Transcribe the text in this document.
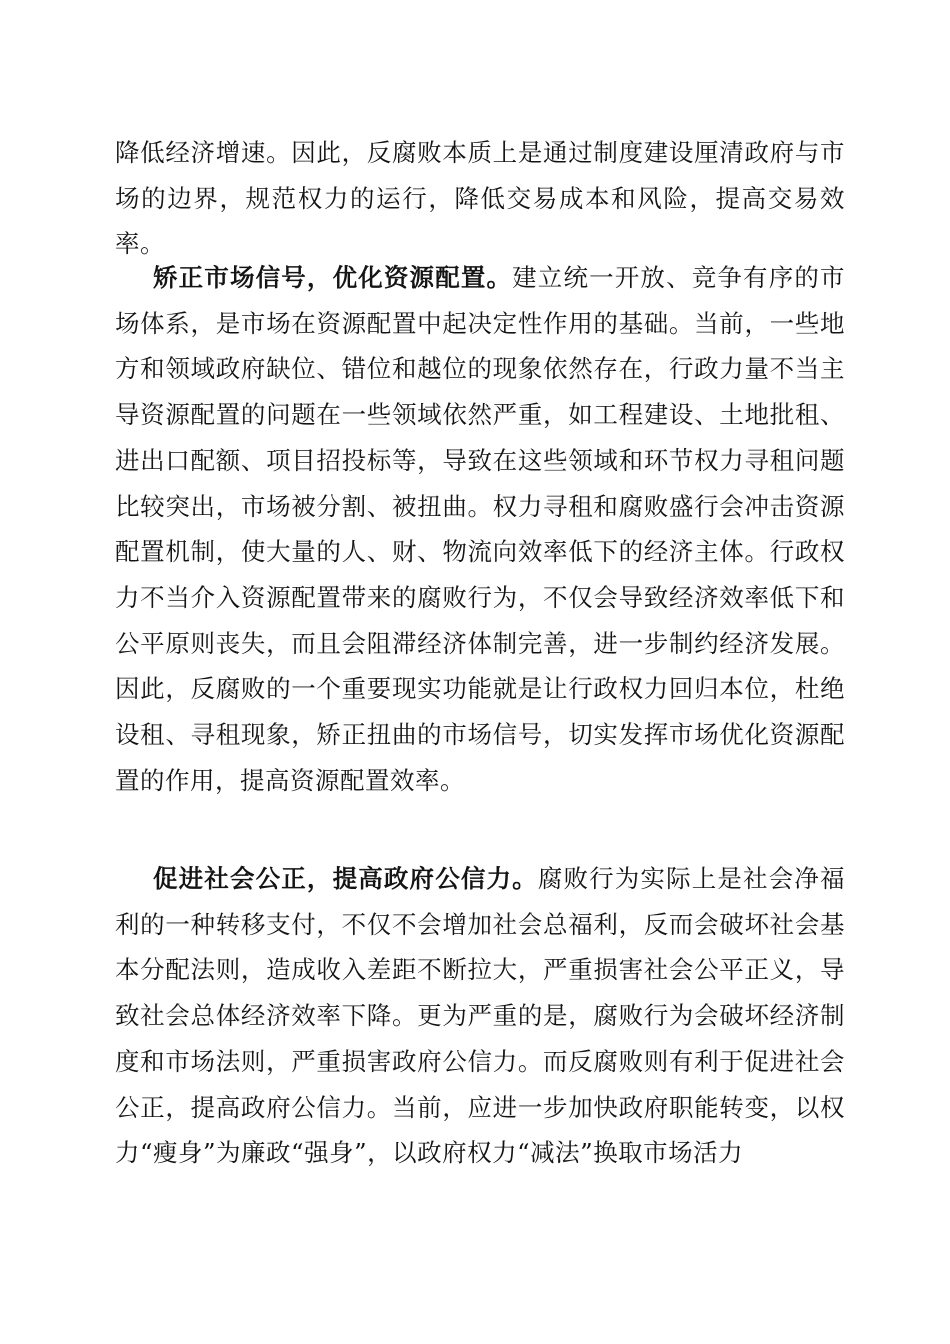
降低经济增速。因此，反腐败本质上是通过制度建设厘清政府与市场的边界，规范权力的运行，降低交易成本和风险，提高交易效率。

矫正市场信号，优化资源配置。建立统一开放、竞争有序的市场体系，是市场在资源配置中起决定性作用的基础。当前，一些地方和领域政府缺位、错位和越位的现象依然存在，行政力量不当主导资源配置的问题在一些领域依然严重，如工程建设、土地批租、进出口配额、项目招投标等，导致在这些领域和环节权力寻租问题比较突出，市场被分割、被扭曲。权力寻租和腐败盛行会冲击资源配置机制，使大量的人、财、物流向效率低下的经济主体。行政权力不当介入资源配置带来的腐败行为，不仅会导致经济效率低下和公平原则丧失，而且会阻滞经济体制完善，进一步制约经济发展。因此，反腐败的一个重要现实功能就是让行政权力回归本位，杜绝设租、寻租现象，矫正扭曲的市场信号，切实发挥市场优化资源配置的作用，提高资源配置效率。

促进社会公正，提高政府公信力。腐败行为实际上是社会净福利的一种转移支付，不仅不会增加社会总福利，反而会破坏社会基本分配法则，造成收入差距不断拉大，严重损害社会公平正义，导致社会总体经济效率下降。更为严重的是，腐败行为会破坏经济制度和市场法则，严重损害政府公信力。而反腐败则有利于促进社会公正，提高政府公信力。当前，应进一步加快政府职能转变，以权力“瘦身”为廉政“强身”，以政府权力“减法”换取市场活力
